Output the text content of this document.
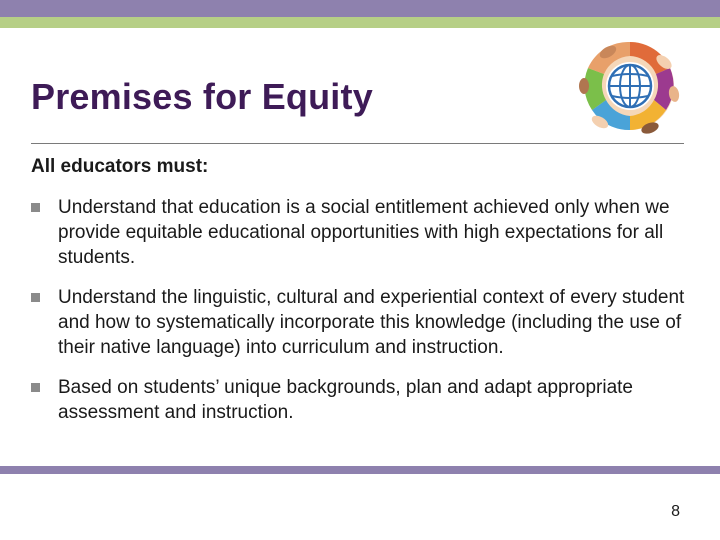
Premises for Equity
All educators must:
Understand that education is a social entitlement achieved only when we provide equitable educational opportunities with high expectations for all students.
Understand the linguistic, cultural and experiential context of every student and how to systematically incorporate this knowledge (including the use of their native language) into curriculum and instruction.
Based on students’ unique backgrounds, plan and adapt appropriate assessment and instruction.
8
